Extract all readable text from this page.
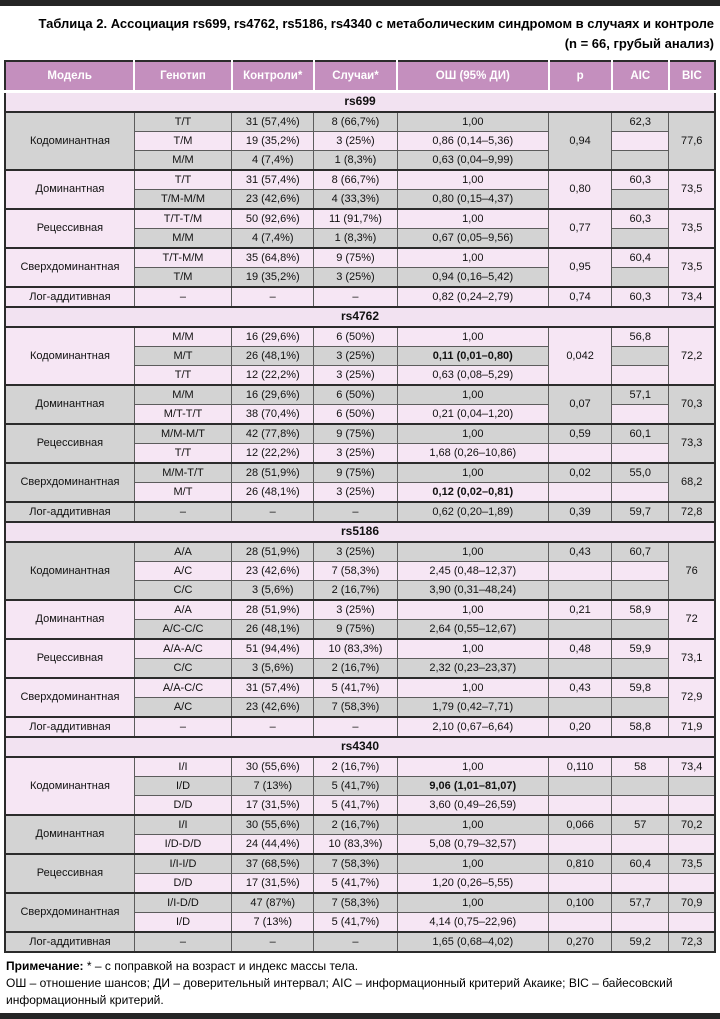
Таблица 2. Ассоциация rs699, rs4762, rs5186, rs4340 с метаболическим синдромом в случаях и контроле
(n = 66, грубый анализ)
Модель	Генотип	Контроли*	Случаи*	ОШ (95% ДИ)	p	AIC	BIC
rs699							
Кодоминантная	T/T	31 (57,4%)	8 (66,7%)	1,00	0,94	62,3	77,6
	T/M	19 (35,2%)	3 (25%)	0,86 (0,14–5,36)			
	M/M	4 (7,4%)	1 (8,3%)	0,63 (0,04–9,99)			
Доминантная	T/T	31 (57,4%)	8 (66,7%)	1,00	0,80	60,3	73,5
	T/M-M/M	23 (42,6%)	4 (33,3%)	0,80 (0,15–4,37)			
Рецессивная	T/T-T/M	50 (92,6%)	11 (91,7%)	1,00	0,77	60,3	73,5
	M/M	4 (7,4%)	1 (8,3%)	0,67 (0,05–9,56)			
Сверхдоминантная	T/T-M/M	35 (64,8%)	9 (75%)	1,00	0,95	60,4	73,5
	T/M	19 (35,2%)	3 (25%)	0,94 (0,16–5,42)			
Лог-аддитивная	–	–	–	0,82 (0,24–2,79)	0,74	60,3	73,4
rs4762							
Кодоминантная	M/M	16 (29,6%)	6 (50%)	1,00	0,042	56,8	72,2
	M/T	26 (48,1%)	3 (25%)	0,11 (0,01–0,80)			
	T/T	12 (22,2%)	3 (25%)	0,63 (0,08–5,29)			
Доминантная	M/M	16 (29,6%)	6 (50%)	1,00	0,07	57,1	70,3
	M/T-T/T	38 (70,4%)	6 (50%)	0,21 (0,04–1,20)			
Рецессивная	M/M-M/T	42 (77,8%)	9 (75%)	1,00	0,59	60,1	73,3
	T/T	12 (22,2%)	3 (25%)	1,68 (0,26–10,86)			
Сверхдоминантная	M/M-T/T	28 (51,9%)	9 (75%)	1,00	0,02	55,0	68,2
	M/T	26 (48,1%)	3 (25%)	0,12 (0,02–0,81)			
Лог-аддитивная	–	–	–	0,62 (0,20–1,89)	0,39	59,7	72,8
rs5186							
Кодоминантная	A/A	28 (51,9%)	3 (25%)	1,00	0,43	60,7	76
	A/C	23 (42,6%)	7 (58,3%)	2,45 (0,48–12,37)			
	C/C	3 (5,6%)	2 (16,7%)	3,90 (0,31–48,24)			
Доминантная	A/A	28 (51,9%)	3 (25%)	1,00	0,21	58,9	72
	A/C-C/C	26 (48,1%)	9 (75%)	2,64 (0,55–12,67)			
Рецессивная	A/A-A/C	51 (94,4%)	10 (83,3%)	1,00	0,48	59,9	73,1
	C/C	3 (5,6%)	2 (16,7%)	2,32 (0,23–23,37)			
Сверхдоминантная	A/A-C/C	31 (57,4%)	5 (41,7%)	1,00	0,43	59,8	72,9
	A/C	23 (42,6%)	7 (58,3%)	1,79 (0,42–7,71)			
Лог-аддитивная	–	–	–	2,10 (0,67–6,64)	0,20	58,8	71,9
rs4340							
Кодоминантная	I/I	30 (55,6%)	2 (16,7%)	1,00	0,110	58	73,4
	I/D	7 (13%)	5 (41,7%)	9,06 (1,01–81,07)			
	D/D	17 (31,5%)	5 (41,7%)	3,60 (0,49–26,59)			
Доминантная	I/I	30 (55,6%)	2 (16,7%)	1,00	0,066	57	70,2
	I/D-D/D	24 (44,4%)	10 (83,3%)	5,08 (0,79–32,57)			
Рецессивная	I/I-I/D	37 (68,5%)	7 (58,3%)	1,00	0,810	60,4	73,5
	D/D	17 (31,5%)	5 (41,7%)	1,20 (0,26–5,55)			
Сверхдоминантная	I/I-D/D	47 (87%)	7 (58,3%)	1,00	0,100	57,7	70,9
	I/D	7 (13%)	5 (41,7%)	4,14 (0,75–22,96)			
Лог-аддитивная	–	–	–	1,65 (0,68–4,02)	0,270	59,2	72,3
Примечание: * – с поправкой на возраст и индекс массы тела.
ОШ – отношение шансов; ДИ – доверительный интервал; AIC – информационный критерий Акаике; BIC – байесовский информационный критерий.
